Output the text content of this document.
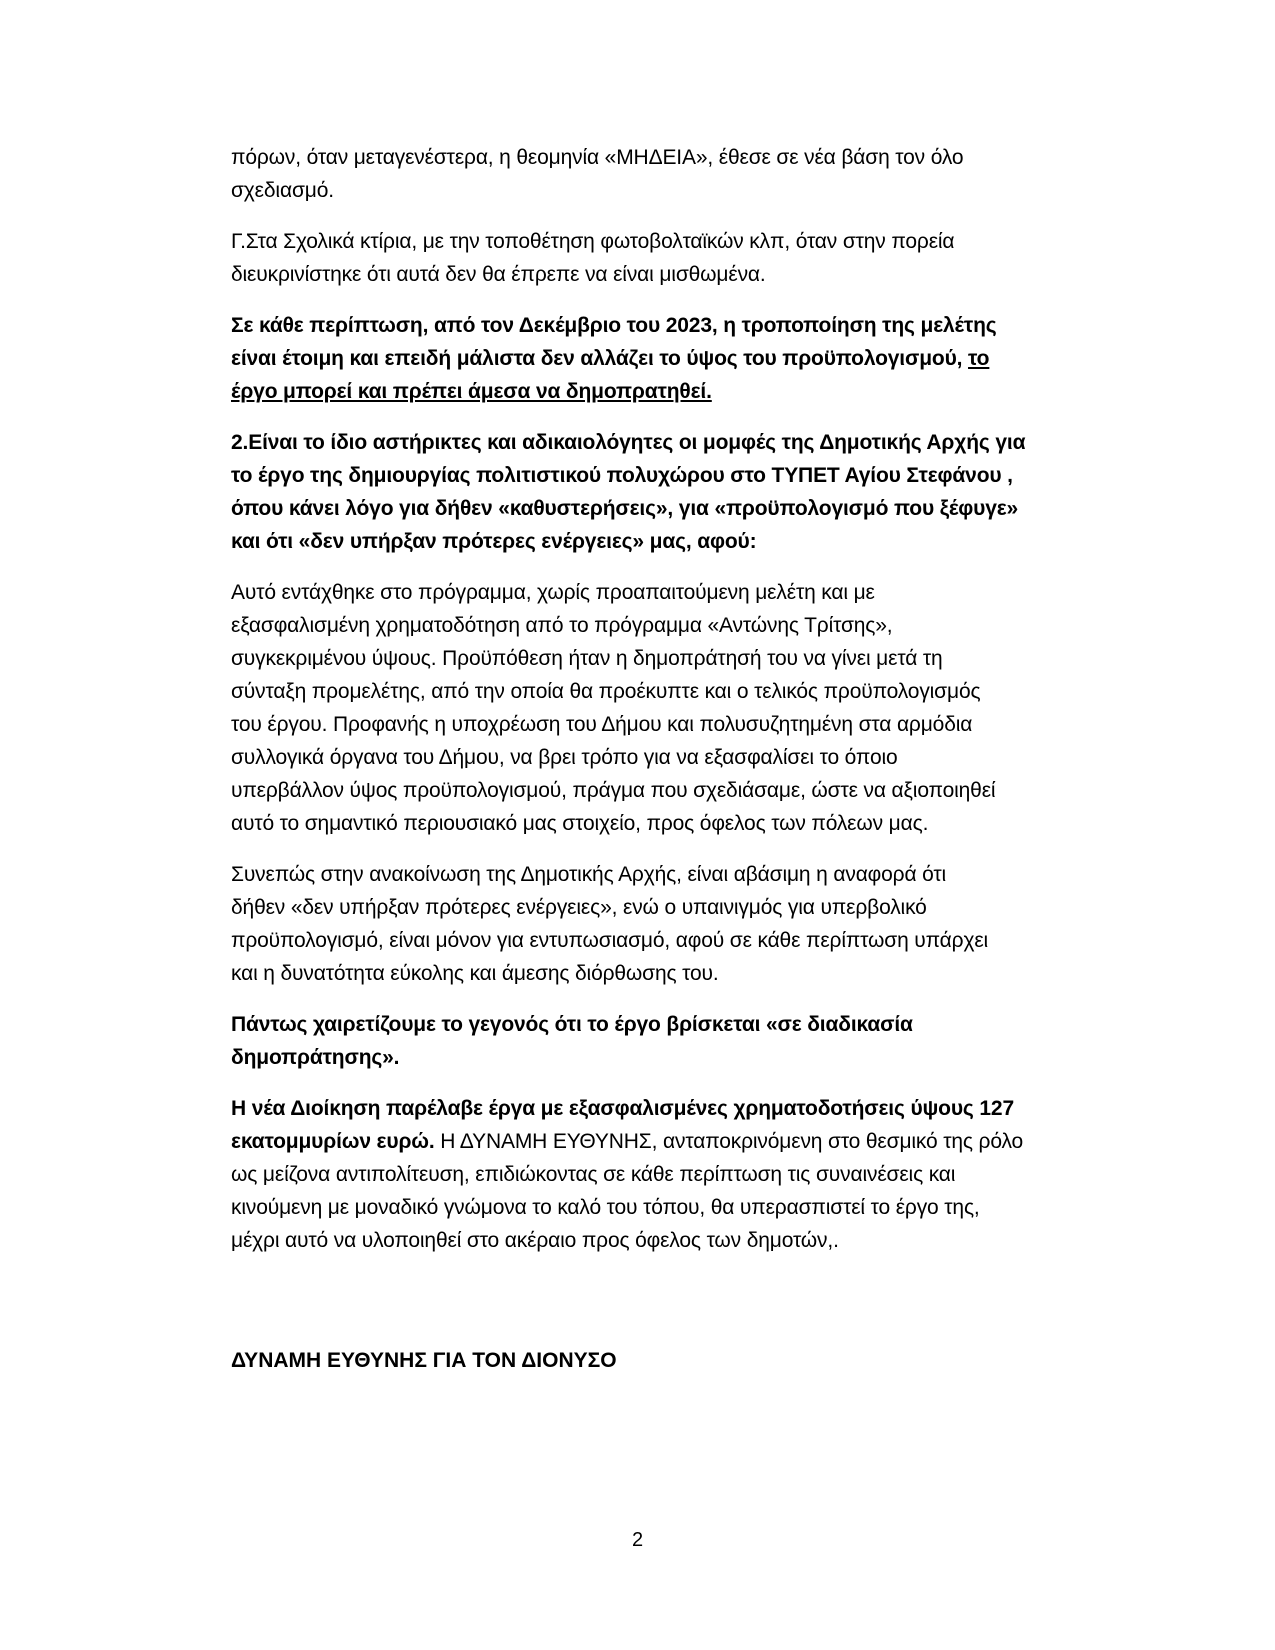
πόρων, όταν μεταγενέστερα, η θεομηνία «ΜΗΔΕΙΑ», έθεσε σε νέα βάση τον όλο
σχεδιασμό.

Γ.Στα Σχολικά κτίρια, με την τοποθέτηση φωτοβολταϊκών κλπ, όταν στην πορεία
διευκρινίστηκε ότι αυτά δεν θα έπρεπε να είναι μισθωμένα.

Σε κάθε περίπτωση, από τον Δεκέμβριο του 2023, η τροποποίηση της μελέτης
είναι έτοιμη και επειδή μάλιστα δεν αλλάζει το ύψος του προϋπολογισμού, το
έργο μπορεί και πρέπει άμεσα να δημοπρατηθεί.

2.Είναι το ίδιο αστήρικτες και αδικαιολόγητες οι μομφές της Δημοτικής Αρχής για
το έργο της δημιουργίας πολιτιστικού πολυχώρου στο ΤΥΠΕΤ Αγίου Στεφάνου ,
όπου κάνει λόγο για δήθεν «καθυστερήσεις», για «προϋπολογισμό που ξέφυγε»
και ότι «δεν υπήρξαν πρότερες ενέργειες» μας, αφού:

Αυτό εντάχθηκε στο πρόγραμμα, χωρίς προαπαιτούμενη μελέτη και με
εξασφαλισμένη χρηματοδότηση από το πρόγραμμα «Αντώνης Τρίτσης»,
συγκεκριμένου ύψους. Προϋπόθεση ήταν η δημοπράτησή του να γίνει μετά τη
σύνταξη προμελέτης, από την οποία θα προέκυπτε και ο τελικός προϋπολογισμός
του έργου. Προφανής η υποχρέωση του Δήμου και πολυσυζητημένη στα αρμόδια
συλλογικά όργανα του Δήμου, να βρει τρόπο για να εξασφαλίσει το όποιο
υπερβάλλον ύψος προϋπολογισμού, πράγμα που σχεδιάσαμε, ώστε να αξιοποιηθεί
αυτό το σημαντικό περιουσιακό μας στοιχείο, προς όφελος των πόλεων μας.

Συνεπώς στην ανακοίνωση της Δημοτικής Αρχής, είναι αβάσιμη η αναφορά ότι
δήθεν «δεν υπήρξαν πρότερες ενέργειες», ενώ ο υπαινιγμός για υπερβολικό
προϋπολογισμό, είναι μόνον για εντυπωσιασμό, αφού σε κάθε περίπτωση υπάρχει
και η δυνατότητα εύκολης και άμεσης διόρθωσης του.

Πάντως χαιρετίζουμε το γεγονός ότι το έργο βρίσκεται «σε διαδικασία
δημοπράτησης».

Η νέα Διοίκηση παρέλαβε έργα με εξασφαλισμένες χρηματοδοτήσεις ύψους 127
εκατομμυρίων ευρώ. Η ΔΥΝΑΜΗ ΕΥΘΥΝΗΣ, ανταποκρινόμενη στο θεσμικό της ρόλο
ως μείζονα αντιπολίτευση, επιδιώκοντας σε κάθε περίπτωση τις συναινέσεις και
κινούμενη με μοναδικό γνώμονα το καλό του τόπου, θα υπερασπιστεί το έργο της,
μέχρι αυτό να υλοποιηθεί στο ακέραιο προς όφελος των δημοτών,.

ΔΥΝΑΜΗ ΕΥΘΥΝΗΣ ΓΙΑ ΤΟΝ ΔΙΟΝΥΣΟ
2
